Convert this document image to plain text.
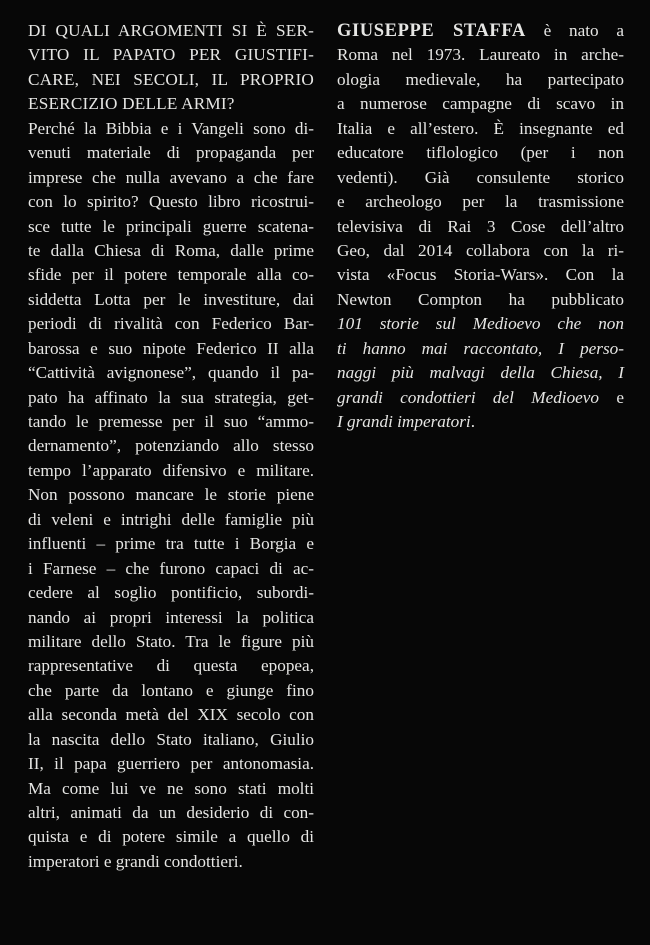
DI QUALI ARGOMENTI SI È SER-
VITO IL PAPATO PER GIUSTIFI-
CARE, NEI SECOLI, IL PROPRIO
ESERCIZIO DELLE ARMI?
Perché la Bibbia e i Vangeli sono di-
venuti materiale di propaganda per
imprese che nulla avevano a che fare
con lo spirito? Questo libro ricostrui-
sce tutte le principali guerre scatena-
te dalla Chiesa di Roma, dalle prime
sfide per il potere temporale alla co-
siddetta Lotta per le investiture, dai
periodi di rivalità con Federico Bar-
barossa e suo nipote Federico II alla
“Cattività avignonese”, quando il pa-
pato ha affinato la sua strategia, get-
tando le premesse per il suo “ammo-
dernamento”, potenziando allo stesso
tempo l’apparato difensivo e militare.
Non possono mancare le storie piene
di veleni e intrighi delle famiglie più
influenti – prime tra tutte i Borgia e
i Farnese – che furono capaci di ac-
cedere al soglio pontificio, subordi-
nando ai propri interessi la politica
militare dello Stato. Tra le figure più
rappresentative di questa epopea,
che parte da lontano e giunge fino
alla seconda metà del XIX secolo con
la nascita dello Stato italiano, Giulio
II, il papa guerriero per antonomasia.
Ma come lui ve ne sono stati molti
altri, animati da un desiderio di con-
quista e di potere simile a quello di
imperatori e grandi condottieri.
GIUSEPPE STAFFA è nato a
Roma nel 1973. Laureato in arche-
ologia medievale, ha partecipato
a numerose campagne di scavo in
Italia e all’estero. È insegnante ed
educatore tiflologico (per i non
vedenti). Già consulente storico
e archeologo per la trasmissione
televisiva di Rai 3 Cose dell’altro
Geo, dal 2014 collabora con la ri-
vista «Focus Storia-Wars». Con la
Newton Compton ha pubblicato
101 storie sul Medioevo che non
ti hanno mai raccontato, I perso-
naggi più malvagi della Chiesa, I
grandi condottieri del Medioevo e
I grandi imperatori.
